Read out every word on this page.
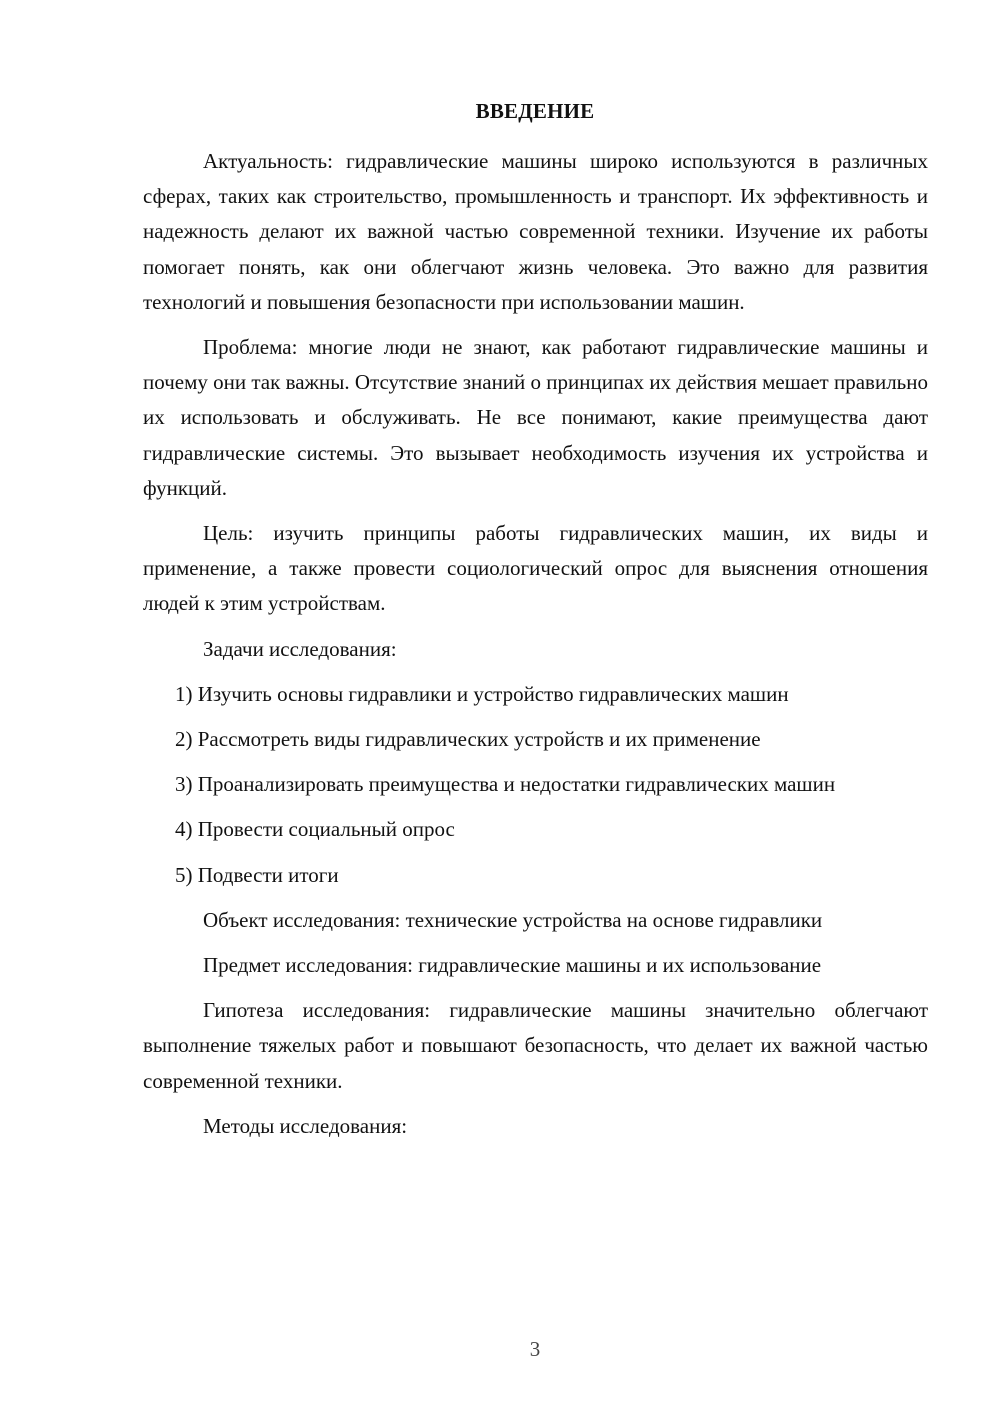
ВВЕДЕНИЕ

Актуальность: гидравлические машины широко используются в различных сферах, таких как строительство, промышленность и транспорт. Их эффективность и надежность делают их важной частью современной техники. Изучение их работы помогает понять, как они облегчают жизнь человека. Это важно для развития технологий и повышения безопасности при использовании машин.

Проблема: многие люди не знают, как работают гидравлические машины и почему они так важны. Отсутствие знаний о принципах их действия мешает правильно их использовать и обслуживать. Не все понимают, какие преимущества дают гидравлические системы. Это вызывает необходимость изучения их устройства и функций.

Цель: изучить принципы работы гидравлических машин, их виды и применение, а также провести социологический опрос для выяснения отношения людей к этим устройствам.

Задачи исследования:

1) Изучить основы гидравлики и устройство гидравлических машин

2) Рассмотреть виды гидравлических устройств и их применение

3) Проанализировать преимущества и недостатки гидравлических машин

4) Провести социальный опрос

5) Подвести итоги

Объект исследования: технические устройства на основе гидравлики

Предмет исследования: гидравлические машины и их использование

Гипотеза исследования: гидравлические машины значительно облегчают выполнение тяжелых работ и повышают безопасность, что делает их важной частью современной техники.

Методы исследования:

3
